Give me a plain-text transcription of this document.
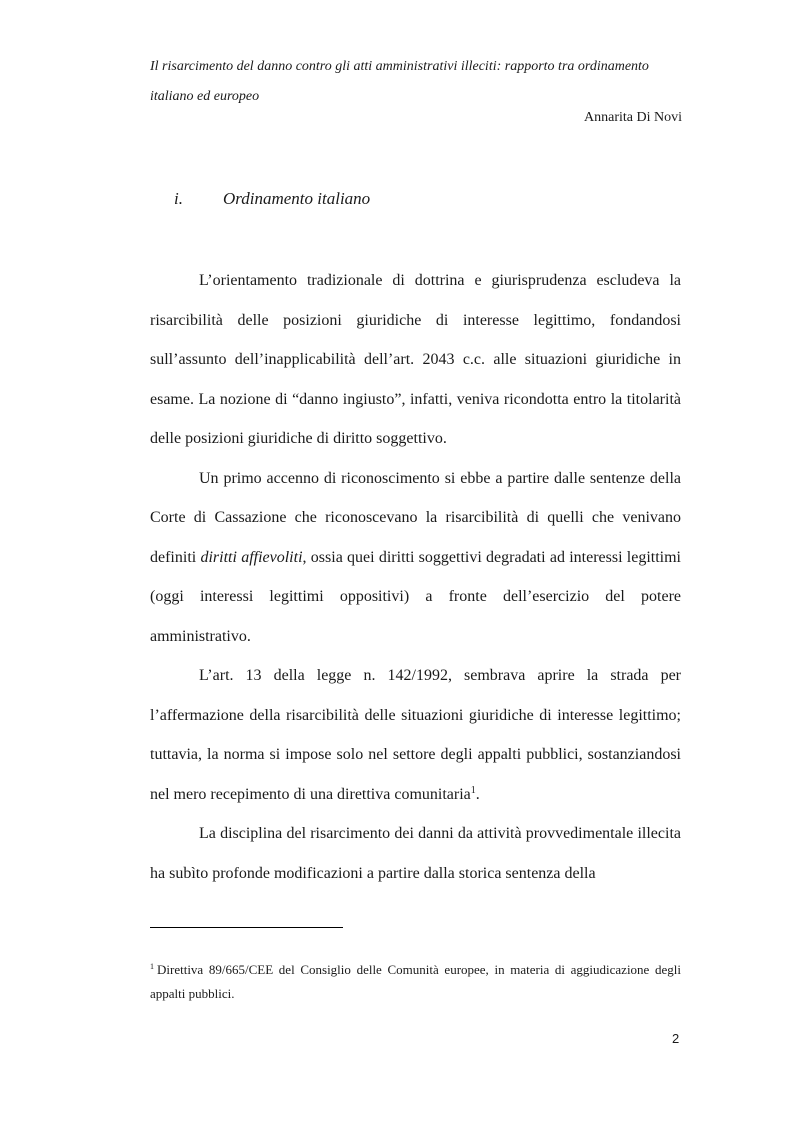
Il risarcimento del danno contro gli atti amministrativi illeciti: rapporto tra ordinamento italiano ed europeo
Annarita Di Novi
i. Ordinamento italiano

L’orientamento tradizionale di dottrina e giurisprudenza escludeva la risarcibilità delle posizioni giuridiche di interesse legittimo, fondandosi sull’assunto dell’inapplicabilità dell’art. 2043 c.c. alle situazioni giuridiche in esame. La nozione di “danno ingiusto”, infatti, veniva ricondotta entro la titolarità delle posizioni giuridiche di diritto soggettivo.

Un primo accenno di riconoscimento si ebbe a partire dalle sentenze della Corte di Cassazione che riconoscevano la risarcibilità di quelli che venivano definiti diritti affievoliti, ossia quei diritti soggettivi degradati ad interessi legittimi (oggi interessi legittimi oppositivi) a fronte dell’esercizio del potere amministrativo.

L’art. 13 della legge n. 142/1992, sembrava aprire la strada per l’affermazione della risarcibilità delle situazioni giuridiche di interesse legittimo; tuttavia, la norma si impose solo nel settore degli appalti pubblici, sostanziandosi nel mero recepimento di una direttiva comunitaria$^1$.

La disciplina del risarcimento dei danni da attività provvedimentale illecita ha subìto profonde modificazioni a partire dalla storica sentenza della

$^1$ Direttiva 89/665/CEE del Consiglio delle Comunità europee, in materia di aggiudicazione degli appalti pubblici.
2
